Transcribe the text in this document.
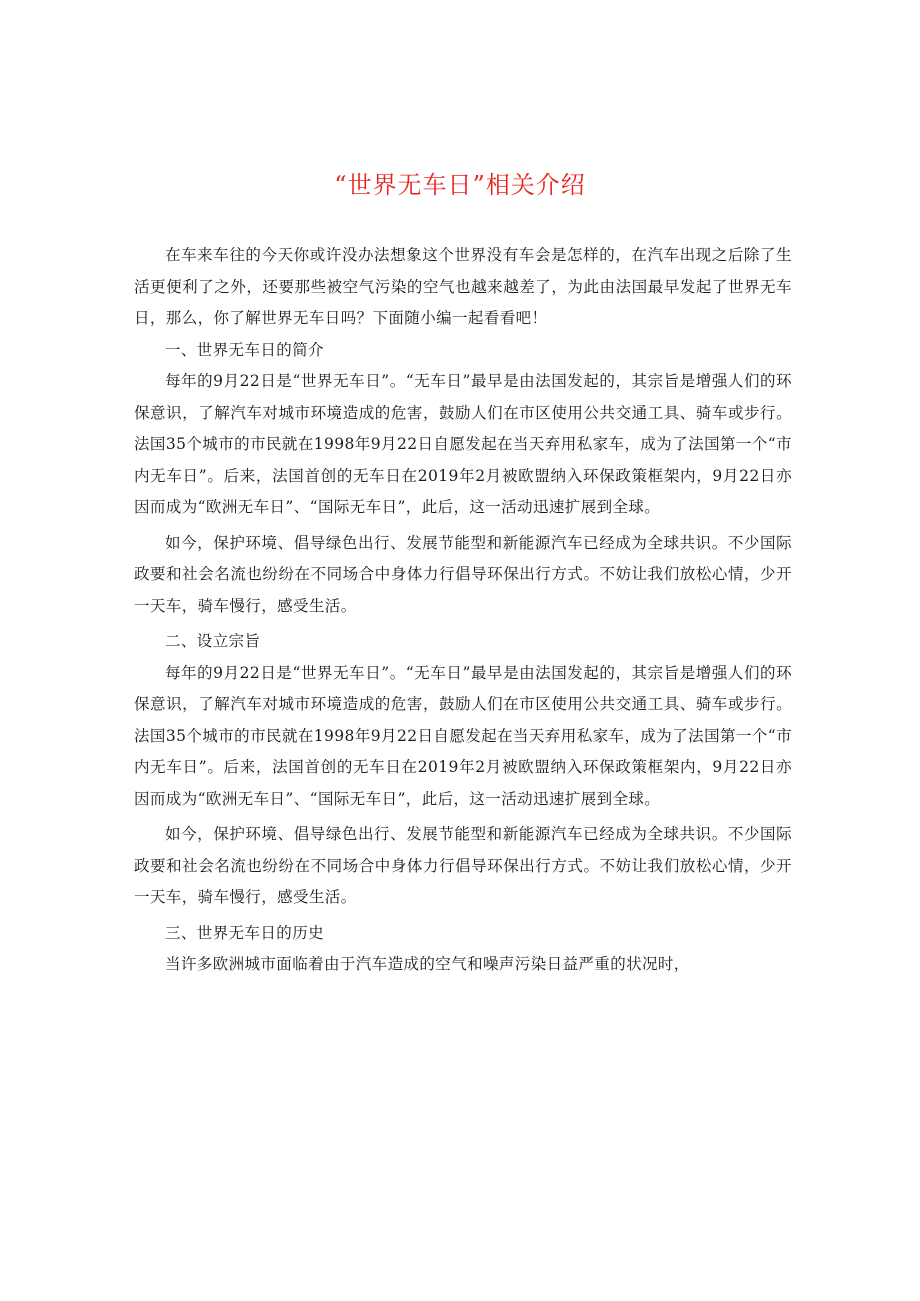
“世界无车日”相关介绍

在车来车往的今天你或许没办法想象这个世界没有车会是怎样的，在汽车出现之后除了生活更便利了之外，还要那些被空气污染的空气也越来越差了，为此由法国最早发起了世界无车日，那么，你了解世界无车日吗？下面随小编一起看看吧！

一、世界无车日的简介

每年的9月22日是“世界无车日”。“无车日”最早是由法国发起的，其宗旨是增强人们的环保意识，了解汽车对城市环境造成的危害，鼓励人们在市区使用公共交通工具、骑车或步行。法国35个城市的市民就在1998年9月22日自愿发起在当天弃用私家车，成为了法国第一个“市内无车日”。后来，法国首创的无车日在2019年2月被欧盟纳入环保政策框架内，9月22日亦因而成为“欧洲无车日”、“国际无车日”，此后，这一活动迅速扩展到全球。

如今，保护环境、倡导绿色出行、发展节能型和新能源汽车已经成为全球共识。不少国际政要和社会名流也纷纷在不同场合中身体力行倡导环保出行方式。不妨让我们放松心情，少开一天车，骑车慢行，感受生活。

二、设立宗旨

每年的9月22日是“世界无车日”。“无车日”最早是由法国发起的，其宗旨是增强人们的环保意识，了解汽车对城市环境造成的危害，鼓励人们在市区使用公共交通工具、骑车或步行。法国35个城市的市民就在1998年9月22日自愿发起在当天弃用私家车，成为了法国第一个“市内无车日”。后来，法国首创的无车日在2019年2月被欧盟纳入环保政策框架内，9月22日亦因而成为“欧洲无车日”、“国际无车日”，此后，这一活动迅速扩展到全球。

如今，保护环境、倡导绿色出行、发展节能型和新能源汽车已经成为全球共识。不少国际政要和社会名流也纷纷在不同场合中身体力行倡导环保出行方式。不妨让我们放松心情，少开一天车，骑车慢行，感受生活。

三、世界无车日的历史

当许多欧洲城市面临着由于汽车造成的空气和噪声污染日益严重的状况时，
